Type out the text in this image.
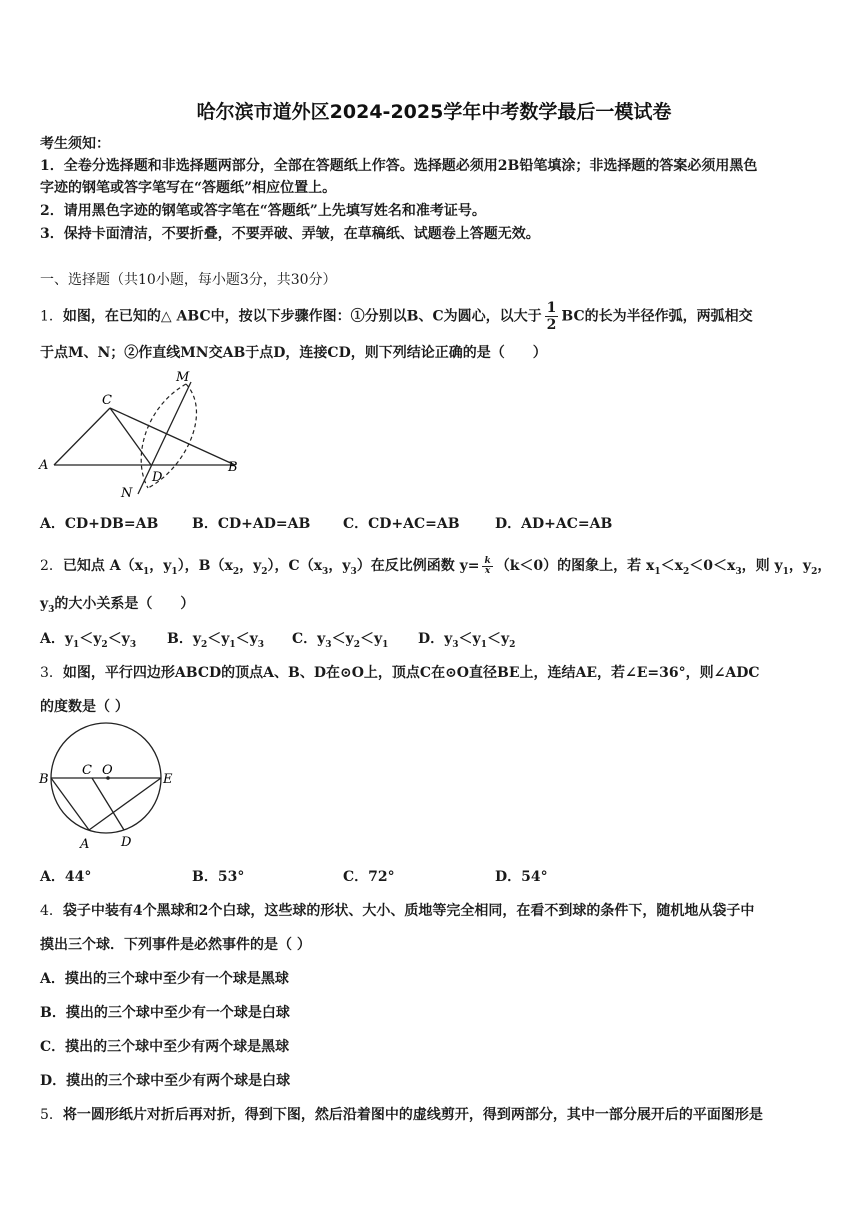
哈尔滨市道外区2024-2025学年中考数学最后一模试卷
考生须知：
1．全卷分选择题和非选择题两部分，全部在答题纸上作答。选择题必须用2B铅笔填涂；非选择题的答案必须用黑色
字迹的钢笔或答字笔写在“答题纸”相应位置上。
2．请用黑色字迹的钢笔或答字笔在“答题纸”上先填写姓名和准考证号。
3．保持卡面清洁，不要折叠，不要弄破、弄皱，在草稿纸、试题卷上答题无效。
一、选择题（共10小题，每小题3分，共30分）
1．如图，在已知的△ ABC中，按以下步骤作图：①分别以B、C为圆心，以大于 $\frac{1}{2}$ BC的长为半径作弧，两弧相交
于点M、N；②作直线MN交AB于点D，连接CD，则下列结论正确的是（　　）
M
C
A	B
D
N
A．CD+DB=AB B．CD+AD=AB C．CD+AC=AB	D．AD+AC=AB
2．已知点 $A(x_1$，$y_1$），$B(x_2$，$y_2$），$C(x_3$，$y_3$）在反比例函数 $y= \frac{k}{x} (k<0)$的图象上，若 $x_1<x_2<0<x_3$，则 $y_1$，$y_2$，
$y_3$的大小关系是（　　）
A．$y_1<y_2<y_3$ B．$y_2<y_1<y_3$ C．$y_3<y_2<y_1$ D．$y_3<y_1<y_2$
3．如图，平行四边形ABCD的顶点A、B、D在⊙O上，顶点C在⊙O直径BE上，连结AE，若∠E=36°，则∠ADC
的度数是（ ）
B
C O
E
A D
A．44°	B．53°	C．72°	D．54°
4．袋子中装有4个黑球和2个白球，这些球的形状、大小、质地等完全相同，在看不到球的条件下，随机地从袋子中
摸出三个球．下列事件是必然事件的是（ ）
A．摸出的三个球中至少有一个球是黑球
B．摸出的三个球中至少有一个球是白球
C．摸出的三个球中至少有两个球是黑球
D．摸出的三个球中至少有两个球是白球
5．将一圆形纸片对折后再对折，得到下图，然后沿着图中的虚线剪开，得到两部分，其中一部分展开后的平面图形是
